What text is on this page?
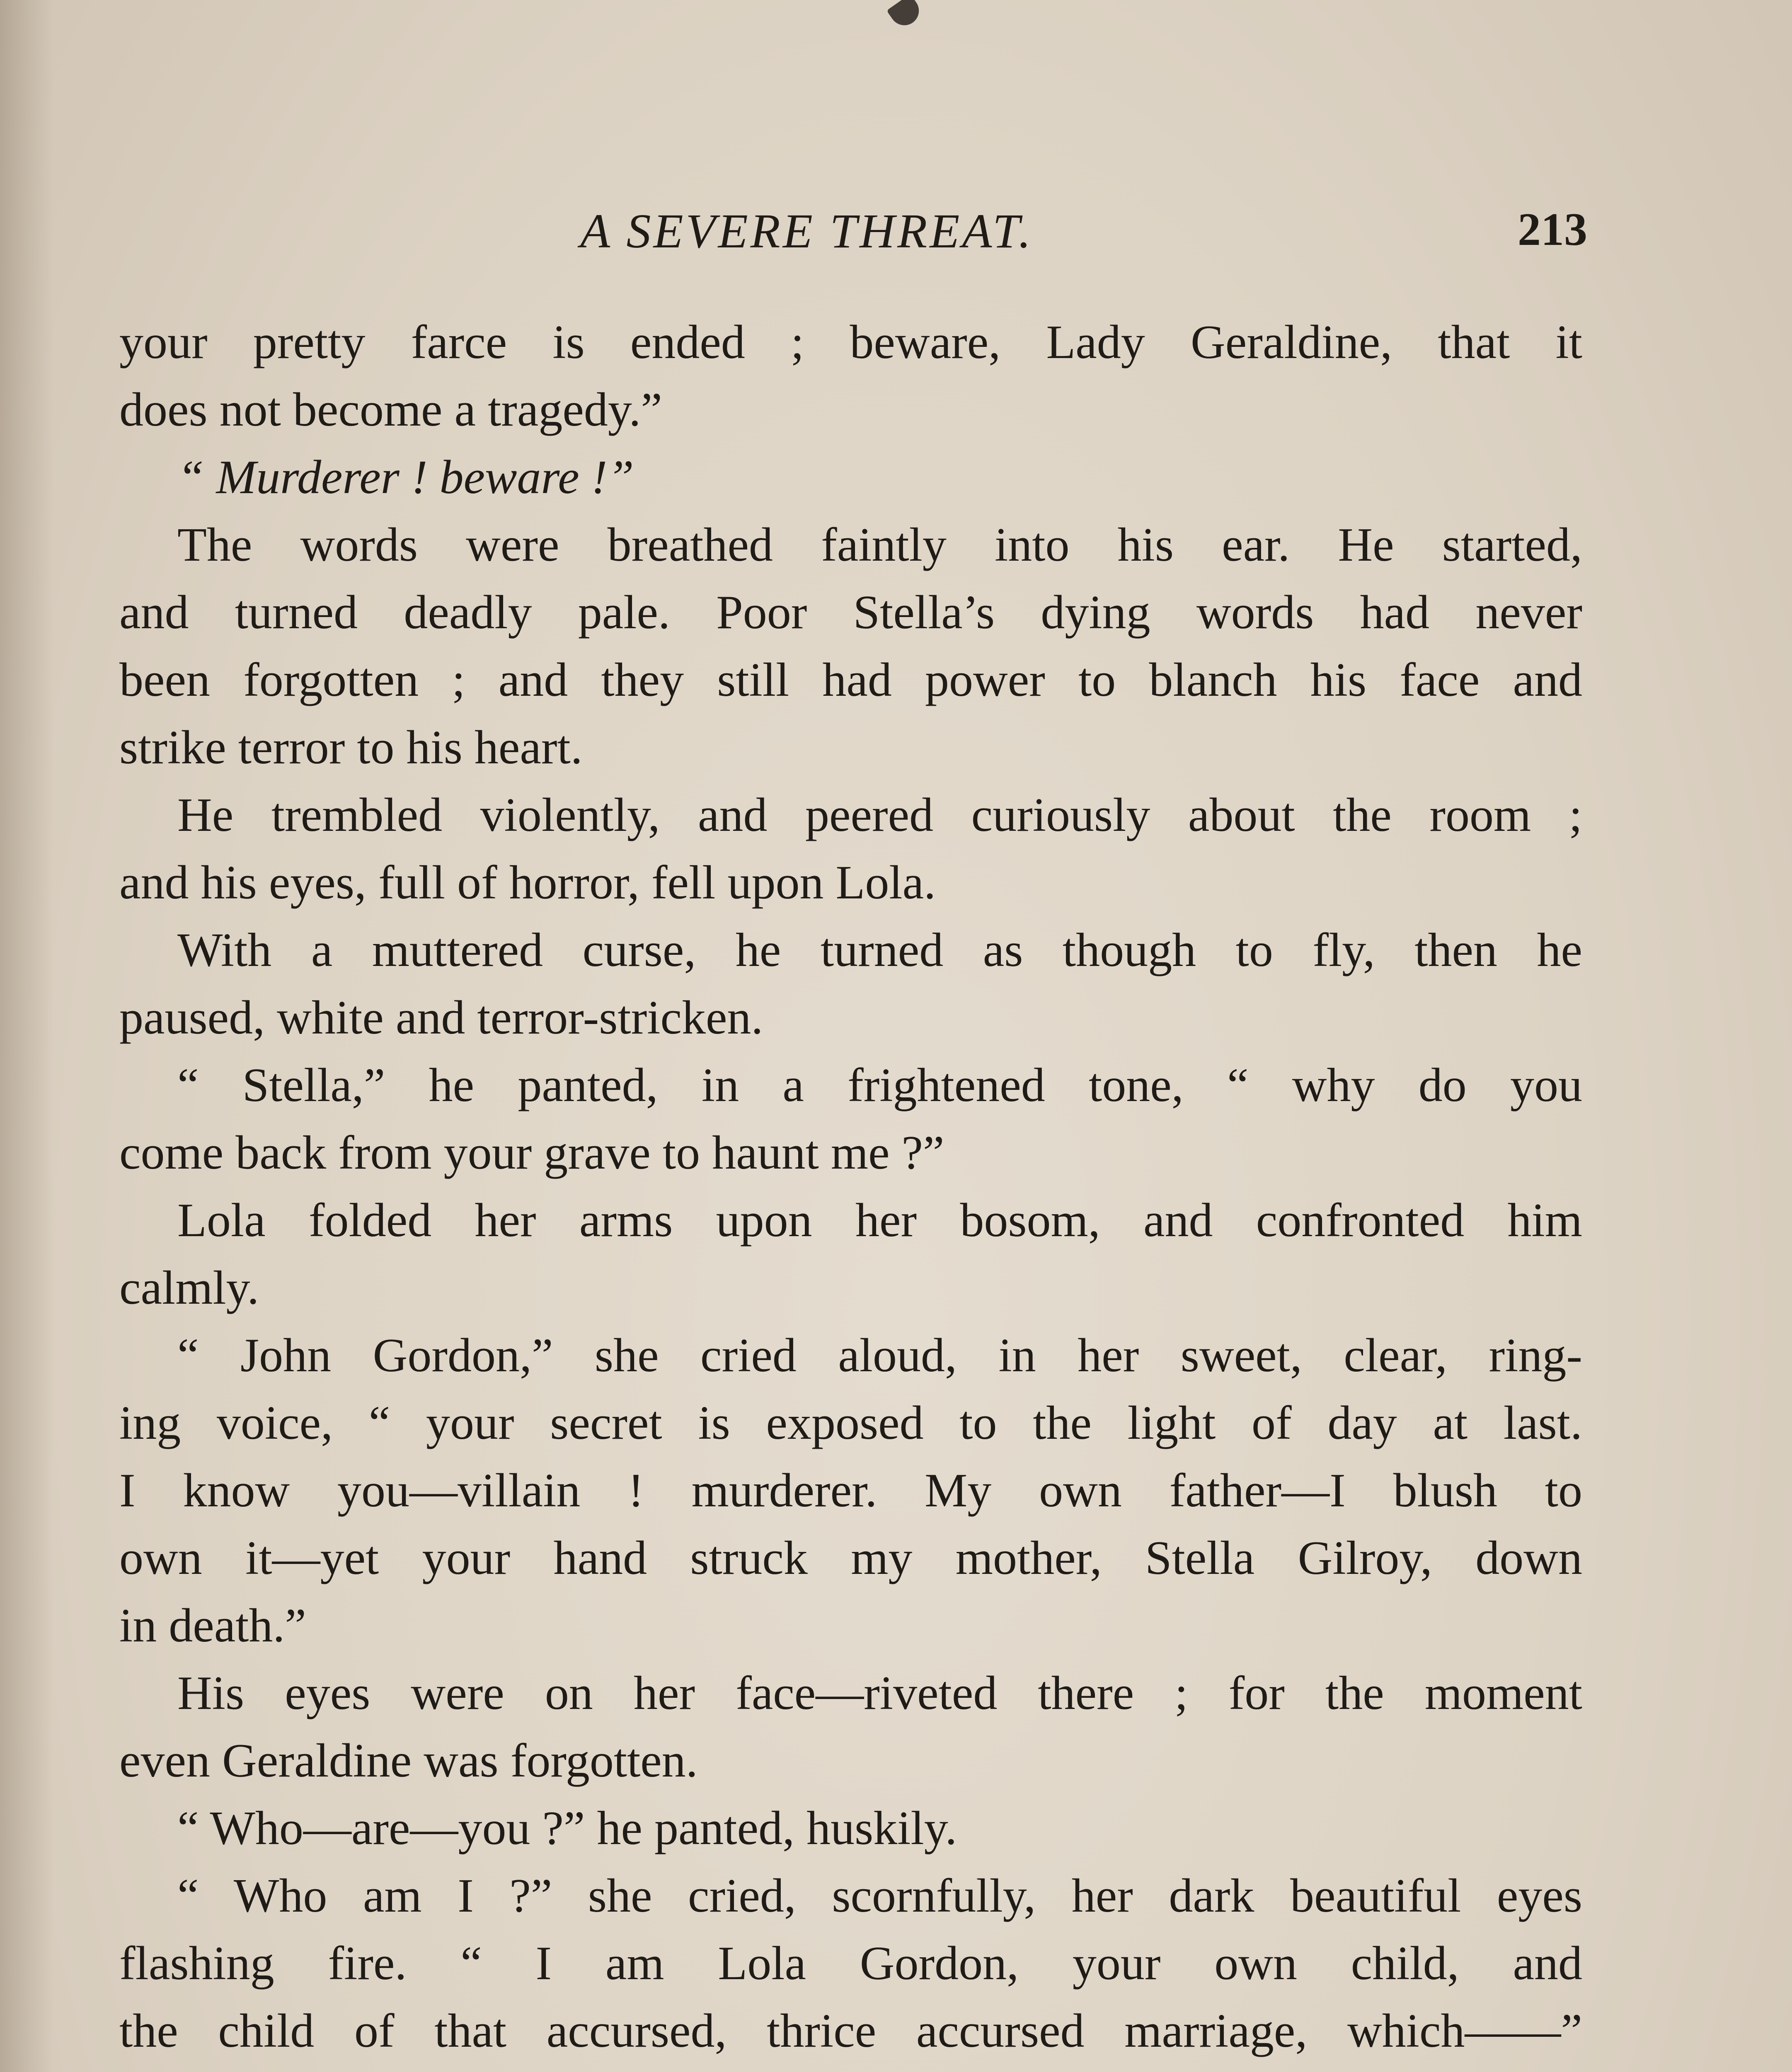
A SEVERE THREAT.	213
your pretty farce is ended ; beware, Lady Geraldine, that it
does not become a tragedy.”
“ Murderer ! beware !”
The words were breathed faintly into his ear. He started,
and turned deadly pale. Poor Stella’s dying words had never
been forgotten ; and they still had power to blanch his face and
strike terror to his heart.
He trembled violently, and peered curiously about the room ;
and his eyes, full of horror, fell upon Lola.
With a muttered curse, he turned as though to fly, then he
paused, white and terror-stricken.
“ Stella,” he panted, in a frightened tone, “ why do you
come back from your grave to haunt me ?”
Lola folded her arms upon her bosom, and confronted him
calmly.
“ John Gordon,” she cried aloud, in her sweet, clear, ring-
ing voice, “ your secret is exposed to the light of day at last.
I know you—villain ! murderer. My own father—I blush to
own it—yet your hand struck my mother, Stella Gilroy, down
in death.”
His eyes were on her face—riveted there ; for the moment
even Geraldine was forgotten.
“ Who—are—you ?” he panted, huskily.
“ Who am I ?” she cried, scornfully, her dark beautiful eyes
flashing fire. “ I am Lola Gordon, your own child, and
the child of that accursed, thrice accursed marriage, which——”
